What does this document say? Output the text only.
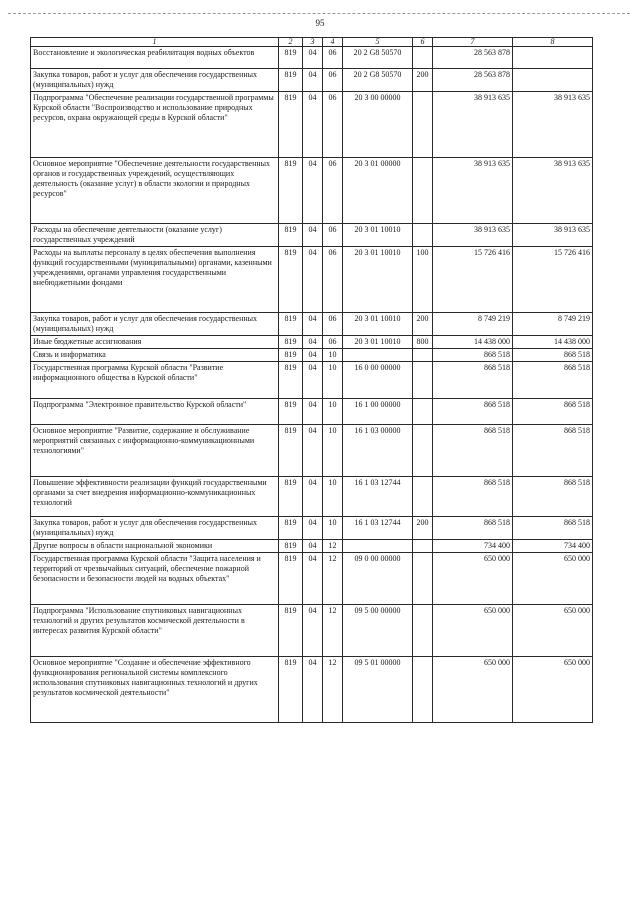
95
1	2	3	4	5	6	7	8
Восстановление и экологическая реабилитация водных объектов	819	04	06	20 2 G8 50570		28 563 878	
Закупка товаров, работ и услуг для обеспечения государственных (муниципальных) нужд	819	04	06	20 2 G8 50570	200	28 563 878	
Подпрограмма "Обеспечение реализации государственной программы Курской области "Воспроизводство и использование природных ресурсов, охрана окружающей среды в Курской области"	819	04	06	20 3 00 00000		38 913 635	38 913 635
Основное мероприятие "Обеспечение деятельности государственных органов и государственных учреждений, осуществляющих деятельность (оказание услуг) в области экологии и природных ресурсов"	819	04	06	20 3 01 00000		38 913 635	38 913 635
Расходы на обеспечение деятельности (оказание услуг) государственных учреждений	819	04	06	20 3 01 10010		38 913 635	38 913 635
Расходы на выплаты персоналу в целях обеспечения выполнения функций государственными (муниципальными) органами, казенными учреждениями, органами управления государственными внебюджетными фондами	819	04	06	20 3 01 10010	100	15 726 416	15 726 416
Закупка товаров, работ и услуг для обеспечения государственных (муниципальных) нужд	819	04	06	20 3 01 10010	200	8 749 219	8 749 219
Иные бюджетные ассигнования	819	04	06	20 3 01 10010	800	14 438 000	14 438 000
Связь и информатика	819	04	10			868 518	868 518
Государственная программа Курской области "Развитие информационного общества в Курской области"	819	04	10	16 0 00 00000		868 518	868 518
Подпрограмма "Электронное правительство Курской области"	819	04	10	16 1 00 00000		868 518	868 518
Основное мероприятие "Развитие, содержание и обслуживание мероприятий связанных с информационно-коммуникационными технологиями"	819	04	10	16 1 03 00000		868 518	868 518
Повышение эффективности реализации функций государственными органами за счет внедрения информационно-коммуникационных технологий	819	04	10	16 1 03 12744		868 518	868 518
Закупка товаров, работ и услуг для обеспечения государственных (муниципальных) нужд	819	04	10	16 1 03 12744	200	868 518	868 518
Другие вопросы в области национальной экономики	819	04	12			734 400	734 400
Государственная программа Курской области "Защита населения и территорий от чрезвычайных ситуаций, обеспечение пожарной безопасности и безопасности людей на водных объектах"	819	04	12	09 0 00 00000		650 000	650 000
Подпрограмма "Использование спутниковых навигационных технологий и других результатов космической деятельности в интересах развития Курской области"	819	04	12	09 5 00 00000		650 000	650 000
Основное мероприятие "Создание и обеспечение эффективного функционирования региональной системы комплексного использования спутниковых навигационных технологий и других результатов космической деятельности"	819	04	12	09 5 01 00000		650 000	650 000
